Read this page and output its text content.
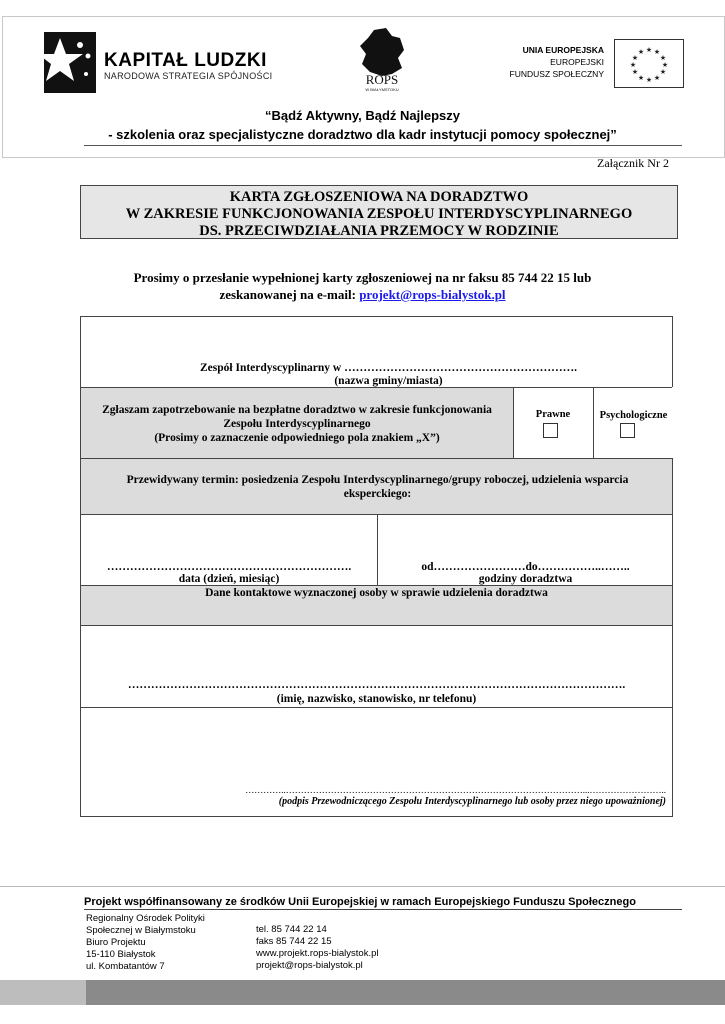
KAPITAŁ LUDZKI
NARODOWA STRATEGIA SPÓJNOŚCI	ROPS
W BIAŁYMSTOKU
UNIA EUROPEJSKA
EUROPEJSKI
FUNDUSZ SPOŁECZNY
★ ★
★
★
★
★
★
★
★
★
★
★
“Bądź Aktywny, Bądź Najlepszy
- szkolenia oraz specjalistyczne doradztwo dla kadr instytucji pomocy społecznej”
Załącznik Nr 2
KARTA ZGŁOSZENIOWA NA DORADZTWO
W ZAKRESIE FUNKCJONOWANIA ZESPOŁU INTERDYSCYPLINARNEGO
DS. PRZECIWDZIAŁANIA PRZEMOCY W RODZINIE
Prosimy o przesłanie wypełnionej karty zgłoszeniowej na nr faksu 85 744 22 15 lub
zeskanowanej na e-mail: projekt@rops-bialystok.pl
Zespół Interdyscyplinarny w …………………………………………………….
(nazwa gminy/miasta)
Zgłaszam zapotrzebowanie na bezpłatne doradztwo w zakresie funkcjonowania
Zespołu Interdyscyplinarnego
(Prosimy o zaznaczenie odpowiedniego pola znakiem „X”)
Prawne	Psychologiczne
Przewidywany termin: posiedzenia Zespołu Interdyscyplinarnego/grupy roboczej, udzielenia wsparcia
eksperckiego:
……………………………………………………….
data (dzień, miesiąc)
od……………………do……………..……..
godziny doradztwa
Dane kontaktowe wyznaczonej osoby w sprawie udzielenia doradztwa
………………………………………………………………………………………………………………….
(imię, nazwisko, stanowisko, nr telefonu)
…………..………………………………………………………………………………………...……………………..
(podpis Przewodniczącego Zespołu Interdyscyplinarnego lub osoby przez niego upoważnionej)
Projekt współfinansowany ze środków Unii Europejskiej w ramach Europejskiego Funduszu Społecznego
Regionalny Ośrodek Polityki
Społecznej w Białymstoku
Biuro Projektu
15-110 Białystok
ul. Kombatantów 7
tel. 85 744 22 14
faks 85 744 22 15
www.projekt.rops-bialystok.pl
projekt@rops-bialystok.pl
